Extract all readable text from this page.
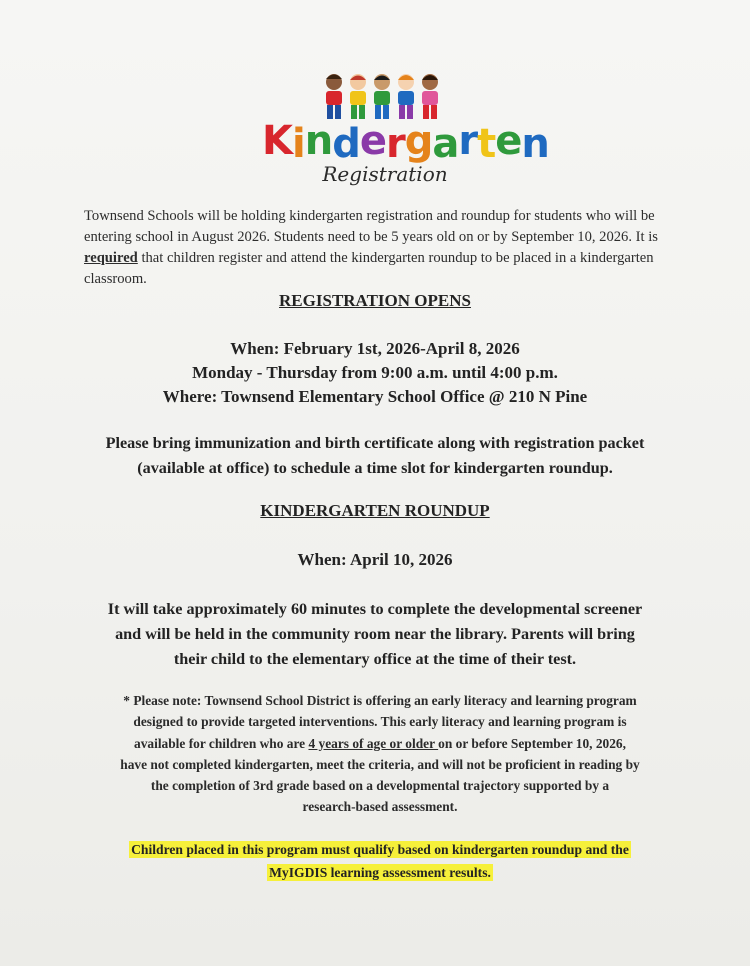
Kindergarten
Registration
Townsend Schools will be holding kindergarten registration and roundup for students who will be entering school in August 2026. Students need to be 5 years old on or by September 10, 2026. It is required that children register and attend the kindergarten roundup to be placed in a kindergarten classroom.
REGISTRATION OPENS
When: February 1st, 2026-April 8, 2026
Monday - Thursday from 9:00 a.m. until 4:00 p.m.
Where: Townsend Elementary School Office @ 210 N Pine
Please bring immunization and birth certificate along with registration packet
(available at office) to schedule a time slot for kindergarten roundup.
KINDERGARTEN ROUNDUP
When: April 10, 2026
It will take approximately 60 minutes to complete the developmental screener
and will be held in the community room near the library. Parents will bring
their child to the elementary office at the time of their test.
* Please note: Townsend School District is offering an early literacy and learning program
designed to provide targeted interventions. This early literacy and learning program is
available for children who are 4 years of age or older on or before September 10, 2026,
have not completed kindergarten, meet the criteria, and will not be proficient in reading by
the completion of 3rd grade based on a developmental trajectory supported by a
research-based assessment.
Children placed in this program must qualify based on kindergarten roundup and the
MyIGDIS learning assessment results.
